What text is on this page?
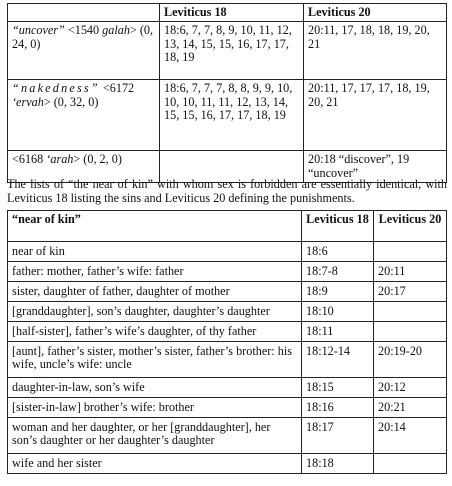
	Leviticus 18	Leviticus 20
“uncover” <1540 galah> (0, 24, 0)	18:6, 7, 7, 8, 9, 10, 11, 12, 13, 14, 15, 15, 16, 17, 17, 18, 19	20:11, 17, 18, 18, 19, 20, 21
“nakedness” <6172 ‘ervah> (0, 32, 0)	18:6, 7, 7, 7, 8, 8, 9, 9, 10, 10, 10, 11, 11, 12, 13, 14, 15, 15, 16, 17, 17, 18, 19	20:11, 17, 17, 17, 18, 19, 20, 21
<6168 ‘arah> (0, 2, 0)		20:18 “discover”, 19 “uncover”
The lists of “the near of kin” with whom sex is forbidden are essentially identical, with Leviticus 18 listing the sins and Leviticus 20 defining the punishments.
“near of kin”	Leviticus 18	Leviticus 20
near of kin	18:6	
father: mother, father’s wife: father	18:7-8	20:11
sister, daughter of father, daughter of mother	18:9	20:17
[granddaughter], son’s daughter, daughter’s daughter	18:10	
[half-sister], father’s wife’s daughter, of thy father	18:11	
[aunt], father’s sister, mother’s sister, father’s brother: his wife, uncle’s wife: uncle	18:12-14	20:19-20
daughter-in-law, son’s wife	18:15	20:12
[sister-in-law] brother’s wife: brother	18:16	20:21
woman and her daughter, or her [granddaughter], her son’s daughter or her daughter’s daughter	18:17	20:14
wife and her sister	18:18	
